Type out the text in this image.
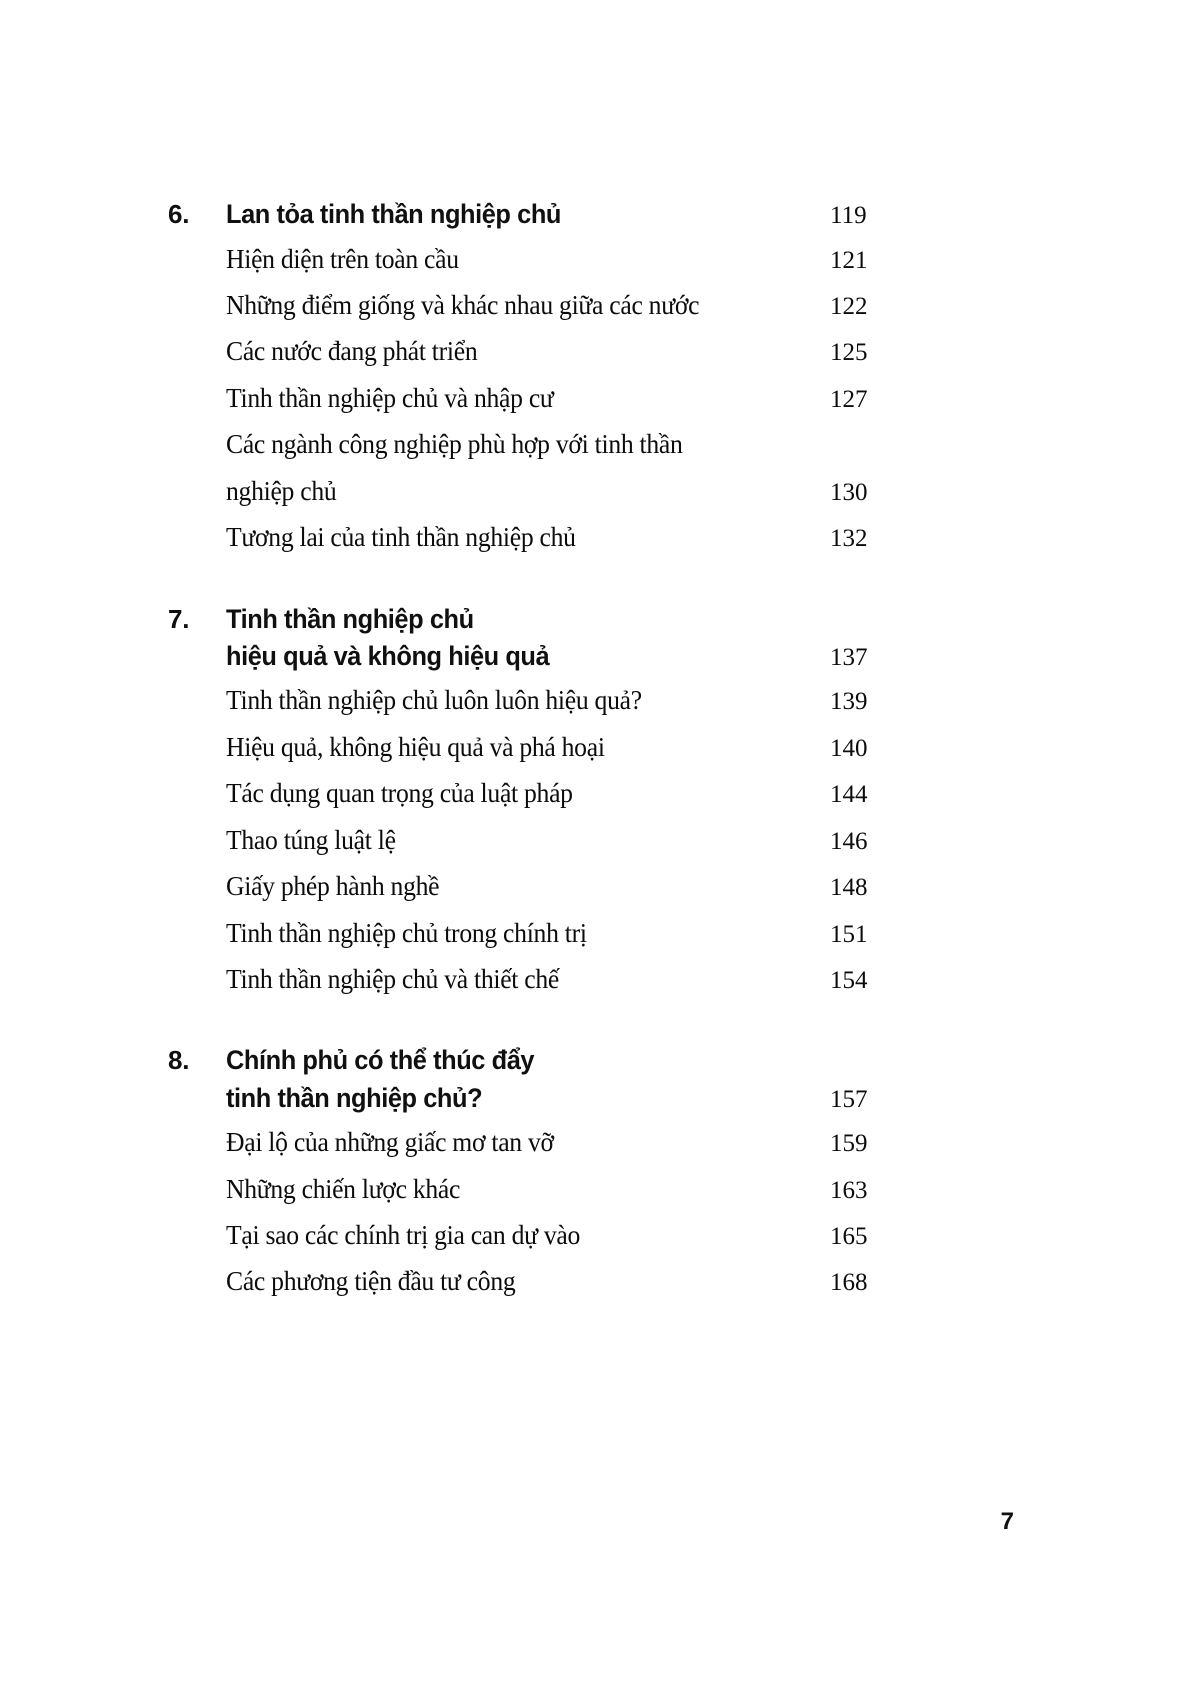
6.	Lan tỏa tinh thần nghiệp chủ	119
Hiện diện trên toàn cầu	121
Những điểm giống và khác nhau giữa các nước	122
Các nước đang phát triển	125
Tinh thần nghiệp chủ và nhập cư	127
Các ngành công nghiệp phù hợp với tinh thần
nghiệp chủ	130
Tương lai của tinh thần nghiệp chủ	132
7.	Tinh thần nghiệp chủ
hiệu quả và không hiệu quả	137
Tinh thần nghiệp chủ luôn luôn hiệu quả?	139
Hiệu quả, không hiệu quả và phá hoại	140
Tác dụng quan trọng của luật pháp	144
Thao túng luật lệ	146
Giấy phép hành nghề	148
Tinh thần nghiệp chủ trong chính trị	151
Tinh thần nghiệp chủ và thiết chế	154
8.	Chính phủ có thể thúc đẩy
tinh thần nghiệp chủ?	157
Đại lộ của những giấc mơ tan vỡ	159
Những chiến lược khác	163
Tại sao các chính trị gia can dự vào	165
Các phương tiện đầu tư công	168
7
